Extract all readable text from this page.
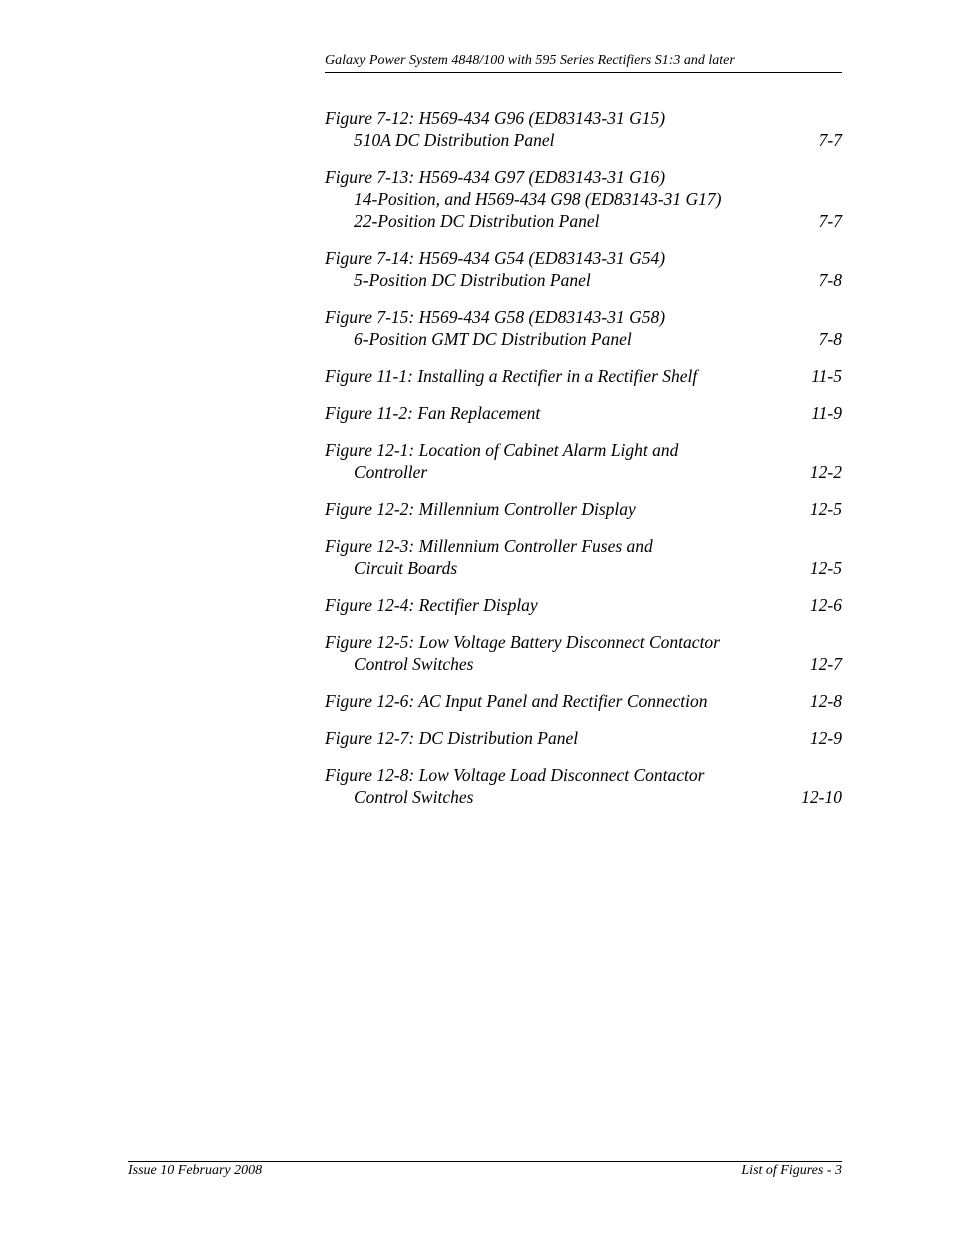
Galaxy Power System 4848/100 with 595 Series Rectifiers S1:3 and later
Figure 7-12: H569-434 G96 (ED83143-31 G15)
510A DC Distribution Panel	7-7
Figure 7-13: H569-434 G97 (ED83143-31 G16)
14-Position, and H569-434 G98 (ED83143-31 G17)
22-Position DC Distribution Panel	7-7
Figure 7-14: H569-434 G54 (ED83143-31 G54)
5-Position DC Distribution Panel	7-8
Figure 7-15: H569-434 G58 (ED83143-31 G58)
6-Position GMT DC Distribution Panel	7-8
Figure 11-1: Installing a Rectifier in a Rectifier Shelf	11-5
Figure 11-2: Fan Replacement	11-9
Figure 12-1: Location of Cabinet Alarm Light and
Controller	12-2
Figure 12-2: Millennium Controller Display	12-5
Figure 12-3: Millennium Controller Fuses and
Circuit Boards	12-5
Figure 12-4: Rectifier Display	12-6
Figure 12-5: Low Voltage Battery Disconnect Contactor
Control Switches	12-7
Figure 12-6: AC Input Panel and Rectifier Connection	12-8
Figure 12-7: DC Distribution Panel	12-9
Figure 12-8: Low Voltage Load Disconnect Contactor
Control Switches	12-10
Issue 10 February 2008	List of Figures - 3
